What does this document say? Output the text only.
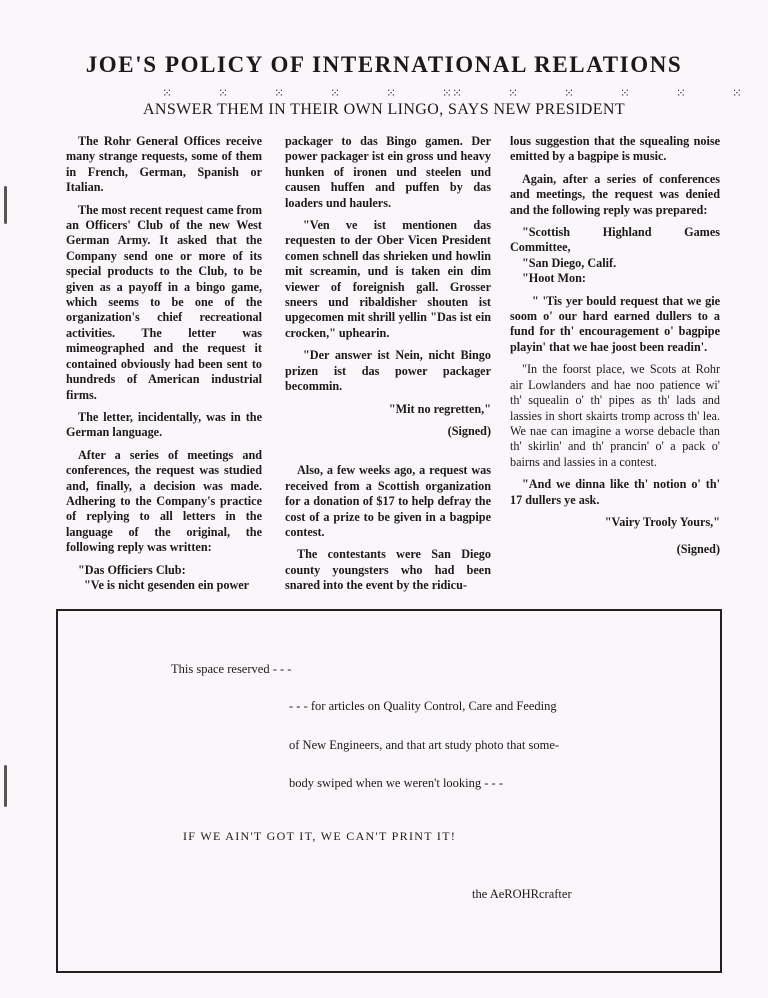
JOE'S POLICY OF INTERNATIONAL RELATIONS
⁙	⁙	⁙	⁙	⁙	⁙⁙	⁙	⁙	⁙	⁙	⁙
ANSWER THEM IN THEIR OWN LINGO, SAYS NEW PRESIDENT

The Rohr General Offices receive many strange requests, some of them in French, German, Spanish or Italian.

The most recent request came from an Officers' Club of the new West German Army. It asked that the Company send one or more of its special products to the Club, to be given as a payoff in a bingo game, which seems to be one of the organization's chief recreational activities. The letter was mimeographed and the request it contained obviously had been sent to hundreds of American industrial firms.

The letter, incidentally, was in the German language.

After a series of meetings and conferences, the request was studied and, finally, a decision was made. Adhering to the Company's practice of replying to all letters in the language of the original, the following reply was written:

"Das Officiers Club:

"Ve is nicht gesenden ein power

packager to das Bingo gamen. Der power packager ist ein gross und heavy hunken of ironen und steelen und causen huffen and puffen by das loaders und haulers.

"Ven ve ist mentionen das requesten to der Ober Vicen President comen schnell das shrieken und howlin mit screamin, und is taken ein dim viewer of foreignish gall. Grosser sneers und ribaldisher shouten ist upgecomen mit shrill yellin "Das ist ein crocken," uphearin.

"Der answer ist Nein, nicht Bingo prizen ist das power packager becommin.

"Mit no regretten,"

(Signed)

Also, a few weeks ago, a request was received from a Scottish organization for a donation of $17 to help defray the cost of a prize to be given in a bagpipe contest.

The contestants were San Diego county youngsters who had been snared into the event by the ridicu-

lous suggestion that the squealing noise emitted by a bagpipe is music.

Again, after a series of conferences and meetings, the request was denied and the following reply was prepared:

"Scottish Highland Games Committee,

"San Diego, Calif.

"Hoot Mon:

" 'Tis yer bould request that we gie soom o' our hard earned dullers to a fund for th' encouragement o' bagpipe playin' that we hae joost been readin'.

"In the foorst place, we Scots at Rohr air Lowlanders and hae noo patience wi' th' squealin o' th' pipes as th' lads and lassies in short skairts tromp across th' lea. We nae can imagine a worse debacle than th' skirlin' and th' prancin' o' a pack o' bairns and lassies in a contest.

"And we dinna like th' notion o' th' 17 dullers ye ask.

"Vairy Trooly Yours,"

(Signed)

This space reserved - - -
- - - for articles on Quality Control, Care and Feeding
of New Engineers, and that art study photo that some-
body swiped when we weren't looking - - -
IF WE AIN'T GOT IT, WE CAN'T PRINT IT!
the AeROHRcrafter
